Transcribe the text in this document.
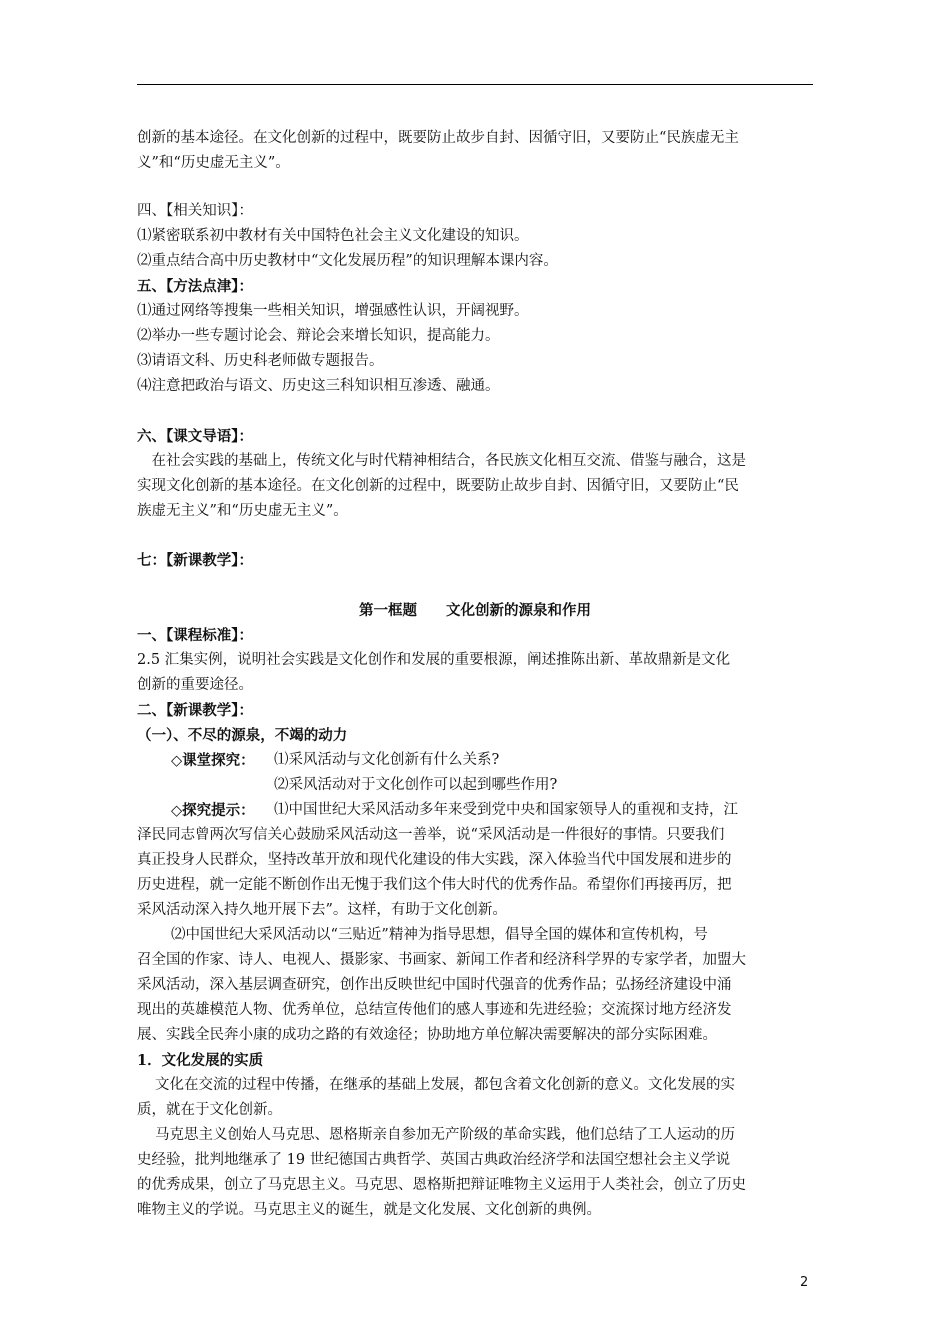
创新的基本途径。在文化创新的过程中，既要防止故步自封、因循守旧，又要防止“民族虚无主
义”和“历史虚无主义”。
四、【相关知识】：
⑴紧密联系初中教材有关中国特色社会主义文化建设的知识。
⑵重点结合高中历史教材中“文化发展历程”的知识理解本课内容。
五、【方法点津】：
⑴通过网络等搜集一些相关知识，增强感性认识，开阔视野。
⑵举办一些专题讨论会、辩论会来增长知识，提高能力。
⑶请语文科、历史科老师做专题报告。
⑷注意把政治与语文、历史这三科知识相互渗透、融通。
六、【课文导语】：
　在社会实践的基础上，传统文化与时代精神相结合，各民族文化相互交流、借鉴与融合，这是
实现文化创新的基本途径。在文化创新的过程中，既要防止故步自封、因循守旧，又要防止“民
族虚无主义”和“历史虚无主义”。
七：【新课教学】：
第一框题　　文化创新的源泉和作用
一、【课程标准】：
2.5 汇集实例，说明社会实践是文化创作和发展的重要根源，阐述推陈出新、革故鼎新是文化
创新的重要途径。
二、【新课教学】：
（一）、不尽的源泉，不竭的动力
◇课堂探究：	⑴采风活动与文化创新有什么关系?
⑵采风活动对于文化创作可以起到哪些作用?
◇探究提示：	⑴中国世纪大采风活动多年来受到党中央和国家领导人的重视和支持，江
泽民同志曾两次写信关心鼓励采风活动这一善举，说“采风活动是一件很好的事情。只要我们
真正投身人民群众，坚持改革开放和现代化建设的伟大实践，深入体验当代中国发展和进步的
历史进程，就一定能不断创作出无愧于我们这个伟大时代的优秀作品。希望你们再接再厉，把
采风活动深入持久地开展下去”。这样，有助于文化创新。
⑵中国世纪大采风活动以“三贴近”精神为指导思想，倡导全国的媒体和宣传机构，号
召全国的作家、诗人、电视人、摄影家、书画家、新闻工作者和经济科学界的专家学者，加盟大
采风活动，深入基层调查研究，创作出反映世纪中国时代强音的优秀作品；弘扬经济建设中涌
现出的英雄模范人物、优秀单位，总结宣传他们的感人事迹和先进经验；交流探讨地方经济发
展、实践全民奔小康的成功之路的有效途径；协助地方单位解决需要解决的部分实际困难。
1．文化发展的实质
文化在交流的过程中传播，在继承的基础上发展，都包含着文化创新的意义。文化发展的实
质，就在于文化创新。
马克思主义创始人马克思、恩格斯亲自参加无产阶级的革命实践，他们总结了工人运动的历
史经验，批判地继承了 19 世纪德国古典哲学、英国古典政治经济学和法国空想社会主义学说
的优秀成果，创立了马克思主义。马克思、恩格斯把辩证唯物主义运用于人类社会，创立了历史
唯物主义的学说。马克思主义的诞生，就是文化发展、文化创新的典例。
2
